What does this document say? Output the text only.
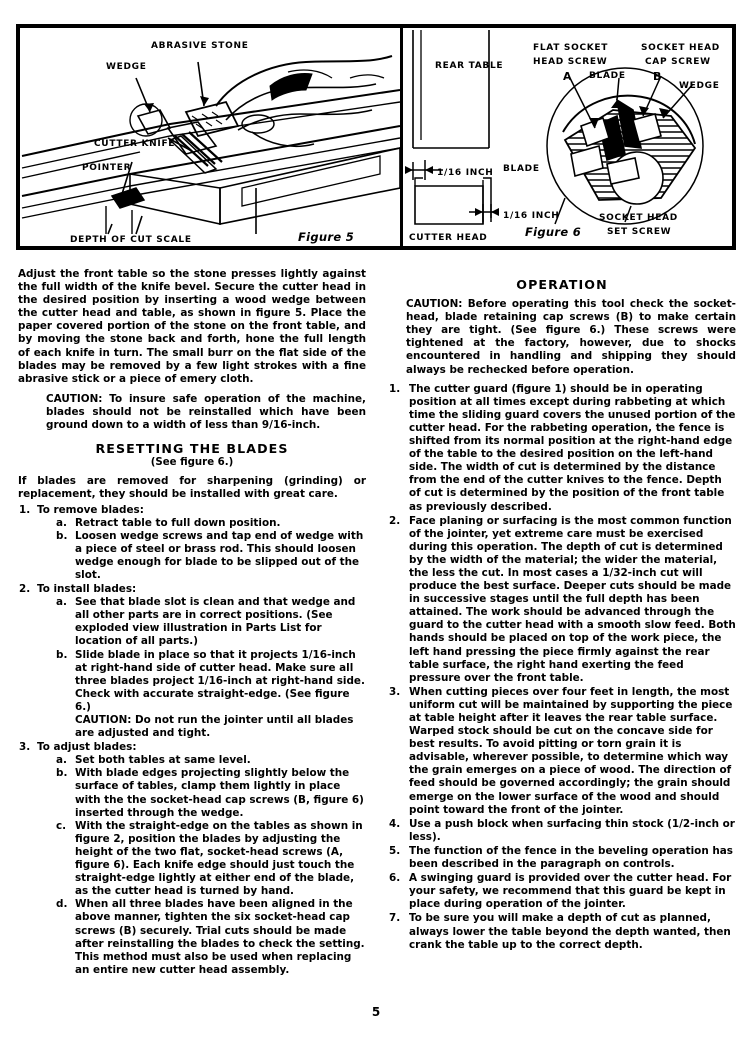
ABRASIVE STONE
WEDGE
CUTTER KNIFE
POINTER
DEPTH OF CUT SCALE	Figure 5
REAR TABLE
1/16 INCH BLADE
1/16 INCH
CUTTER HEAD
FLAT SOCKET
HEAD SCREW
SOCKET HEAD
CAP SCREW
A BLADE B
WEDGE
SOCKET HEAD
SET SCREW
Figure 6

Adjust the front table so the stone presses lightly against the full width of the knife bevel. Secure the cutter head in the desired position by inserting a wood wedge between the cutter head and table, as shown in figure 5. Place the paper covered portion of the stone on the front table, and by moving the stone back and forth, hone the full length of each knife in turn. The small burr on the flat side of the blades may be removed by a few light strokes with a fine abrasive stick or a piece of emery cloth.

CAUTION: To insure safe operation of the machine, blades should not be reinstalled which have been ground down to a width of less than 9/16-inch.
RESETTING THE BLADES
(See figure 6.)

If blades are removed for sharpening (grinding) or replacement, they should be installed with great care.

1. To remove blades:
a. Retract table to full down position.
b. Loosen wedge screws and tap end of wedge with a piece of steel or brass rod. This should loosen wedge enough for blade to be slipped out of the slot.
2. To install blades:
a. See that blade slot is clean and that wedge and all other parts are in correct positions. (See exploded view illustration in Parts List for location of all parts.)
b. Slide blade in place so that it projects 1/16-inch at right-hand side of cutter head. Make sure all three blades project 1/16-inch at right-hand side. Check with accurate straight-edge. (See figure 6.)
CAUTION: Do not run the jointer until all blades are adjusted and tight.
3. To adjust blades:
a. Set both tables at same level.
b. With blade edges projecting slightly below the surface of tables, clamp them lightly in place with the the socket-head cap screws (B, figure 6) inserted through the wedge.
c. With the straight-edge on the tables as shown in figure 2, position the blades by adjusting the height of the two flat, socket-head screws (A, figure 6). Each knife edge should just touch the straight-edge lightly at either end of the blade, as the cutter head is turned by hand.
d. When all three blades have been aligned in the above manner, tighten the six socket-head cap screws (B) securely. Trial cuts should be made after reinstalling the blades to check the setting. This method must also be used when replacing an entire new cutter head assembly.
OPERATION
CAUTION: Before operating this tool check the socket-head, blade retaining cap screws (B) to make certain they are tight. (See figure 6.) These screws were tightened at the factory, however, due to shocks encountered in handling and shipping they should always be rechecked before operation.
1. The cutter guard (figure 1) should be in operating position at all times except during rabbeting at which time the sliding guard covers the unused portion of the cutter head. For the rabbeting operation, the fence is shifted from its normal position at the right-hand edge of the table to the desired position on the left-hand side. The width of cut is determined by the distance from the end of the cutter knives to the fence. Depth of cut is determined by the position of the front table as previously described.
2. Face planing or surfacing is the most common function of the jointer, yet extreme care must be exercised during this operation. The depth of cut is determined by the width of the material; the wider the material, the less the cut. In most cases a 1/32-inch cut will produce the best surface. Deeper cuts should be made in successive stages until the full depth has been attained. The work should be advanced through the guard to the cutter head with a smooth slow feed. Both hands should be placed on top of the work piece, the left hand pressing the piece firmly against the rear table surface, the right hand exerting the feed pressure over the front table.
3. When cutting pieces over four feet in length, the most uniform cut will be maintained by supporting the piece at table height after it leaves the rear table surface. Warped stock should be cut on the concave side for best results. To avoid pitting or torn grain it is advisable, wherever possible, to determine which way the grain emerges on a piece of wood. The direction of feed should be governed accordingly; the grain should emerge on the lower surface of the wood and should point toward the front of the jointer.
4. Use a push block when surfacing thin stock (1/2-inch or less).
5. The function of the fence in the beveling operation has been described in the paragraph on controls.
6. A swinging guard is provided over the cutter head. For your safety, we recommend that this guard be kept in place during operation of the jointer.
7. To be sure you will make a depth of cut as planned, always lower the table beyond the depth wanted, then crank the table up to the correct depth.
5
